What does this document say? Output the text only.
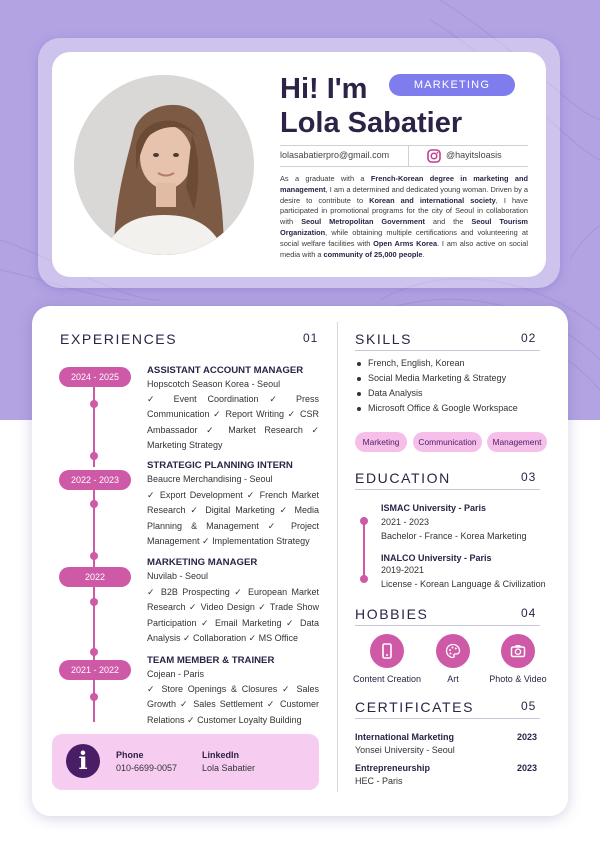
Hi! I'm
Lola Sabatier
MARKETING
lolasabatierpro@gmail.com	@hayitsloasis

As a graduate with a French-Korean degree in marketing and management, I am a determined and dedicated young woman. Driven by a desire to contribute to Korean and international society, I have participated in promotional programs for the city of Seoul in collaboration with Seoul Metropolitan Government and the Seoul Tourism Organization, while obtaining multiple certifications and volunteering at social welfare facilities with Open Arms Korea. I am also active on social media with a community of 25,000 people.

EXPERIENCES	01
2024 - 2025
ASSISTANT ACCOUNT MANAGER
Hopscotch Season Korea - Seoul
✓ Event Coordination ✓ Press Communication ✓ Report Writing ✓ CSR Ambassador ✓ Market Research ✓ Marketing Strategy
2022 - 2023
STRATEGIC PLANNING INTERN
Beaucre Merchandising - Seoul
✓ Export Development ✓ French Market Research ✓ Digital Marketing ✓ Media Planning & Management ✓ Project Management ✓ Implementation Strategy
2022
MARKETING MANAGER
Nuvilab - Seoul
✓ B2B Prospecting ✓ European Market Research ✓ Video Design ✓ Trade Show Participation ✓ Email Marketing ✓ Data Analysis ✓ Collaboration ✓ MS Office
2021 - 2022
TEAM MEMBER & TRAINER
Cojean - Paris
✓ Store Openings & Closures ✓ Sales Growth ✓ Sales Settlement ✓ Customer Relations ✓ Customer Loyalty Building
i	Phone
010-6699-0057
LinkedIn
Lola Sabatier
SKILLS	02
French, English, Korean
Social Media Marketing & Strategy
Data Analysis
Microsoft Office & Google Workspace
Marketing	Communication	Management
EDUCATION	03
ISMAC University - Paris
2021 - 2023
Bachelor - France - Korea Marketing
INALCO University - Paris
2019-2021
License - Korean Language & Civilization
HOBBIES	04
Content Creation	Art	Photo & Video
CERTIFICATES	05
International Marketing	2023
Yonsei University - Seoul
Entrepreneurship	2023
HEC - Paris
